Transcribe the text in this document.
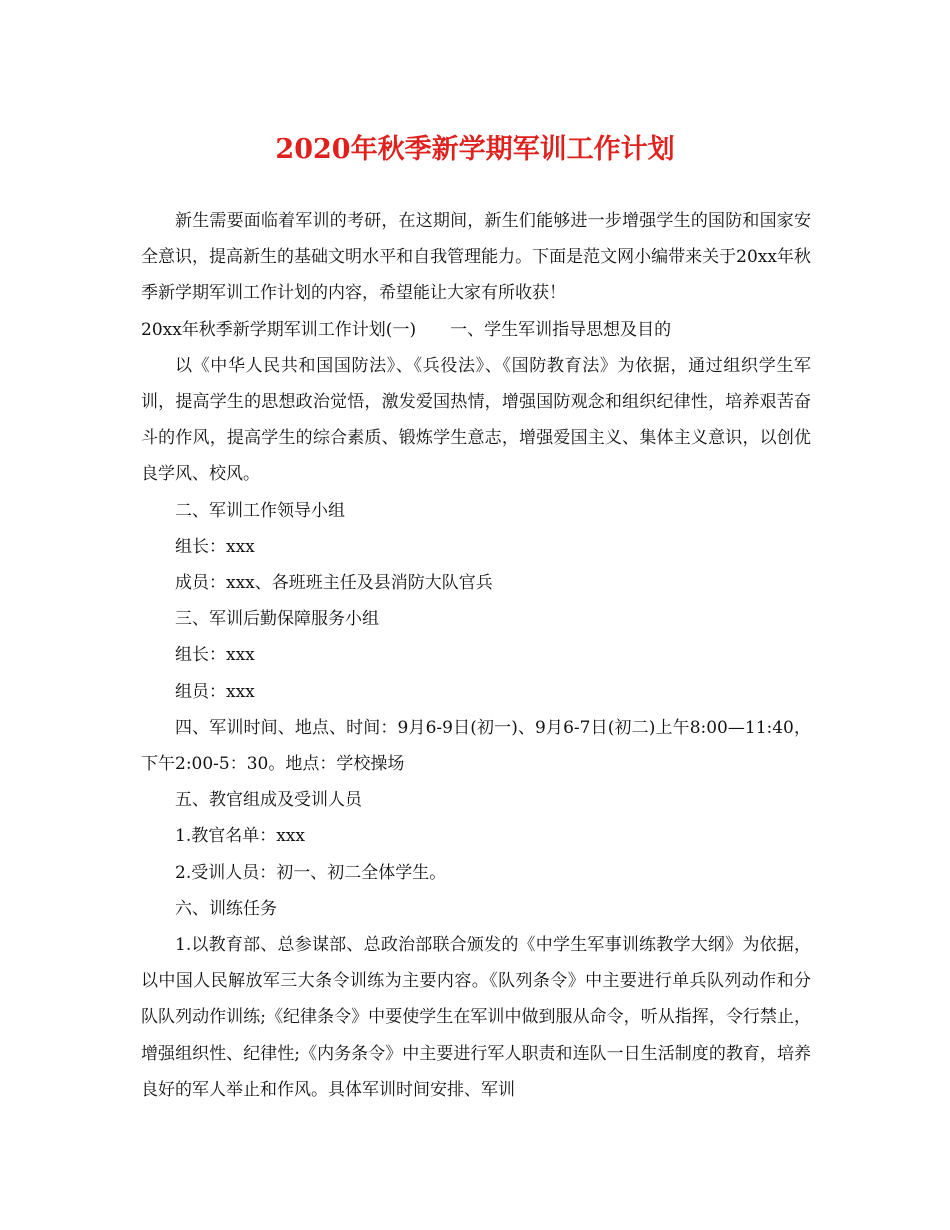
2020年秋季新学期军训工作计划

新生需要面临着军训的考研，在这期间，新生们能够进一步增强学生的国防和国家安全意识，提高新生的基础文明水平和自我管理能力。下面是范文网小编带来关于20xx年秋季新学期军训工作计划的内容，希望能让大家有所收获！

20xx年秋季新学期军训工作计划(一)　　一、学生军训指导思想及目的

以《中华人民共和国国防法》、《兵役法》、《国防教育法》为依据，通过组织学生军训，提高学生的思想政治觉悟，激发爱国热情，增强国防观念和组织纪律性，培养艰苦奋斗的作风，提高学生的综合素质、锻炼学生意志，增强爱国主义、集体主义意识，以创优良学风、校风。

二、军训工作领导小组

组长：xxx

成员：xxx、各班班主任及县消防大队官兵

三、军训后勤保障服务小组

组长：xxx

组员：xxx

四、军训时间、地点、时间：9月6-9日(初一)、9月6-7日(初二)上午8:00—11:40，下午2:00-5：30。地点：学校操场

五、教官组成及受训人员

1.教官名单：xxx

2.受训人员：初一、初二全体学生。

六、训练任务

1.以教育部、总参谋部、总政治部联合颁发的《中学生军事训练教学大纲》为依据，以中国人民解放军三大条令训练为主要内容。《队列条令》中主要进行单兵队列动作和分队队列动作训练;《纪律条令》中要使学生在军训中做到服从命令，听从指挥，令行禁止，增强组织性、纪律性;《内务条令》中主要进行军人职责和连队一日生活制度的教育，培养良好的军人举止和作风。具体军训时间安排、军训
